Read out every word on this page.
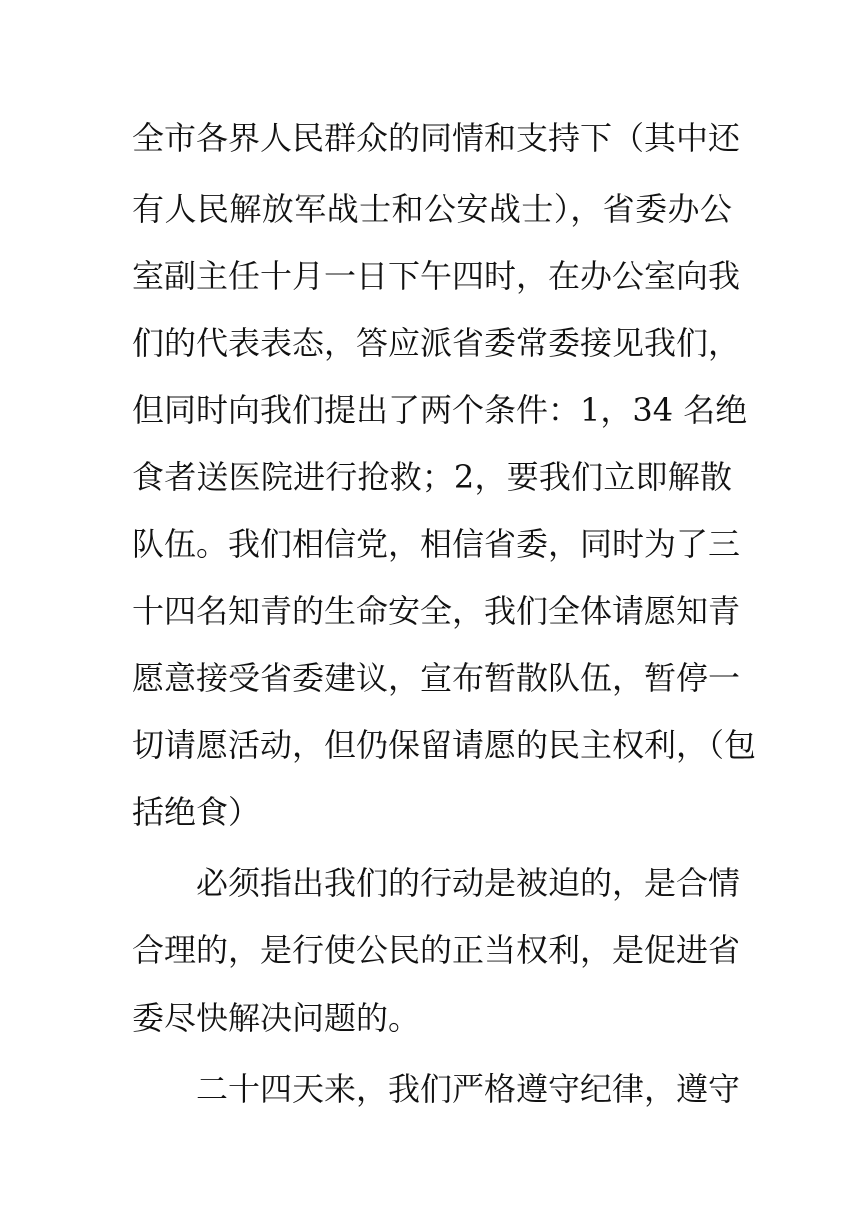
全市各界人民群众的同情和支持下（其中还
有人民解放军战士和公安战士），省委办公
室副主任十月一日下午四时，在办公室向我
们的代表表态，答应派省委常委接见我们，
但同时向我们提出了两个条件：1，34 名绝
食者送医院进行抢救；2，要我们立即解散
队伍。我们相信党，相信省委，同时为了三
十四名知青的生命安全，我们全体请愿知青
愿意接受省委建议，宣布暂散队伍，暂停一
切请愿活动，但仍保留请愿的民主权利，（包
括绝食）
必须指出我们的行动是被迫的，是合情
合理的，是行使公民的正当权利，是促进省
委尽快解决问题的。
二十四天来，我们严格遵守纪律，遵守
